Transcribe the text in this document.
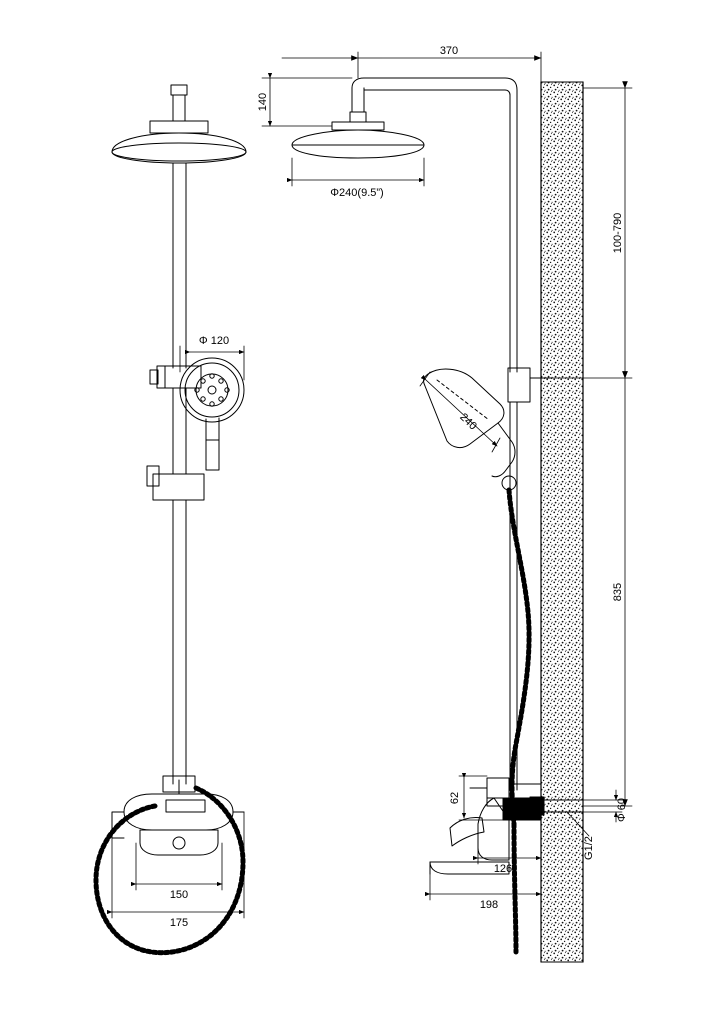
370
140
Φ240(9.5”)
Φ 120
100-790
835
240
62
126
198
Φ 60
G1/2
150
175
